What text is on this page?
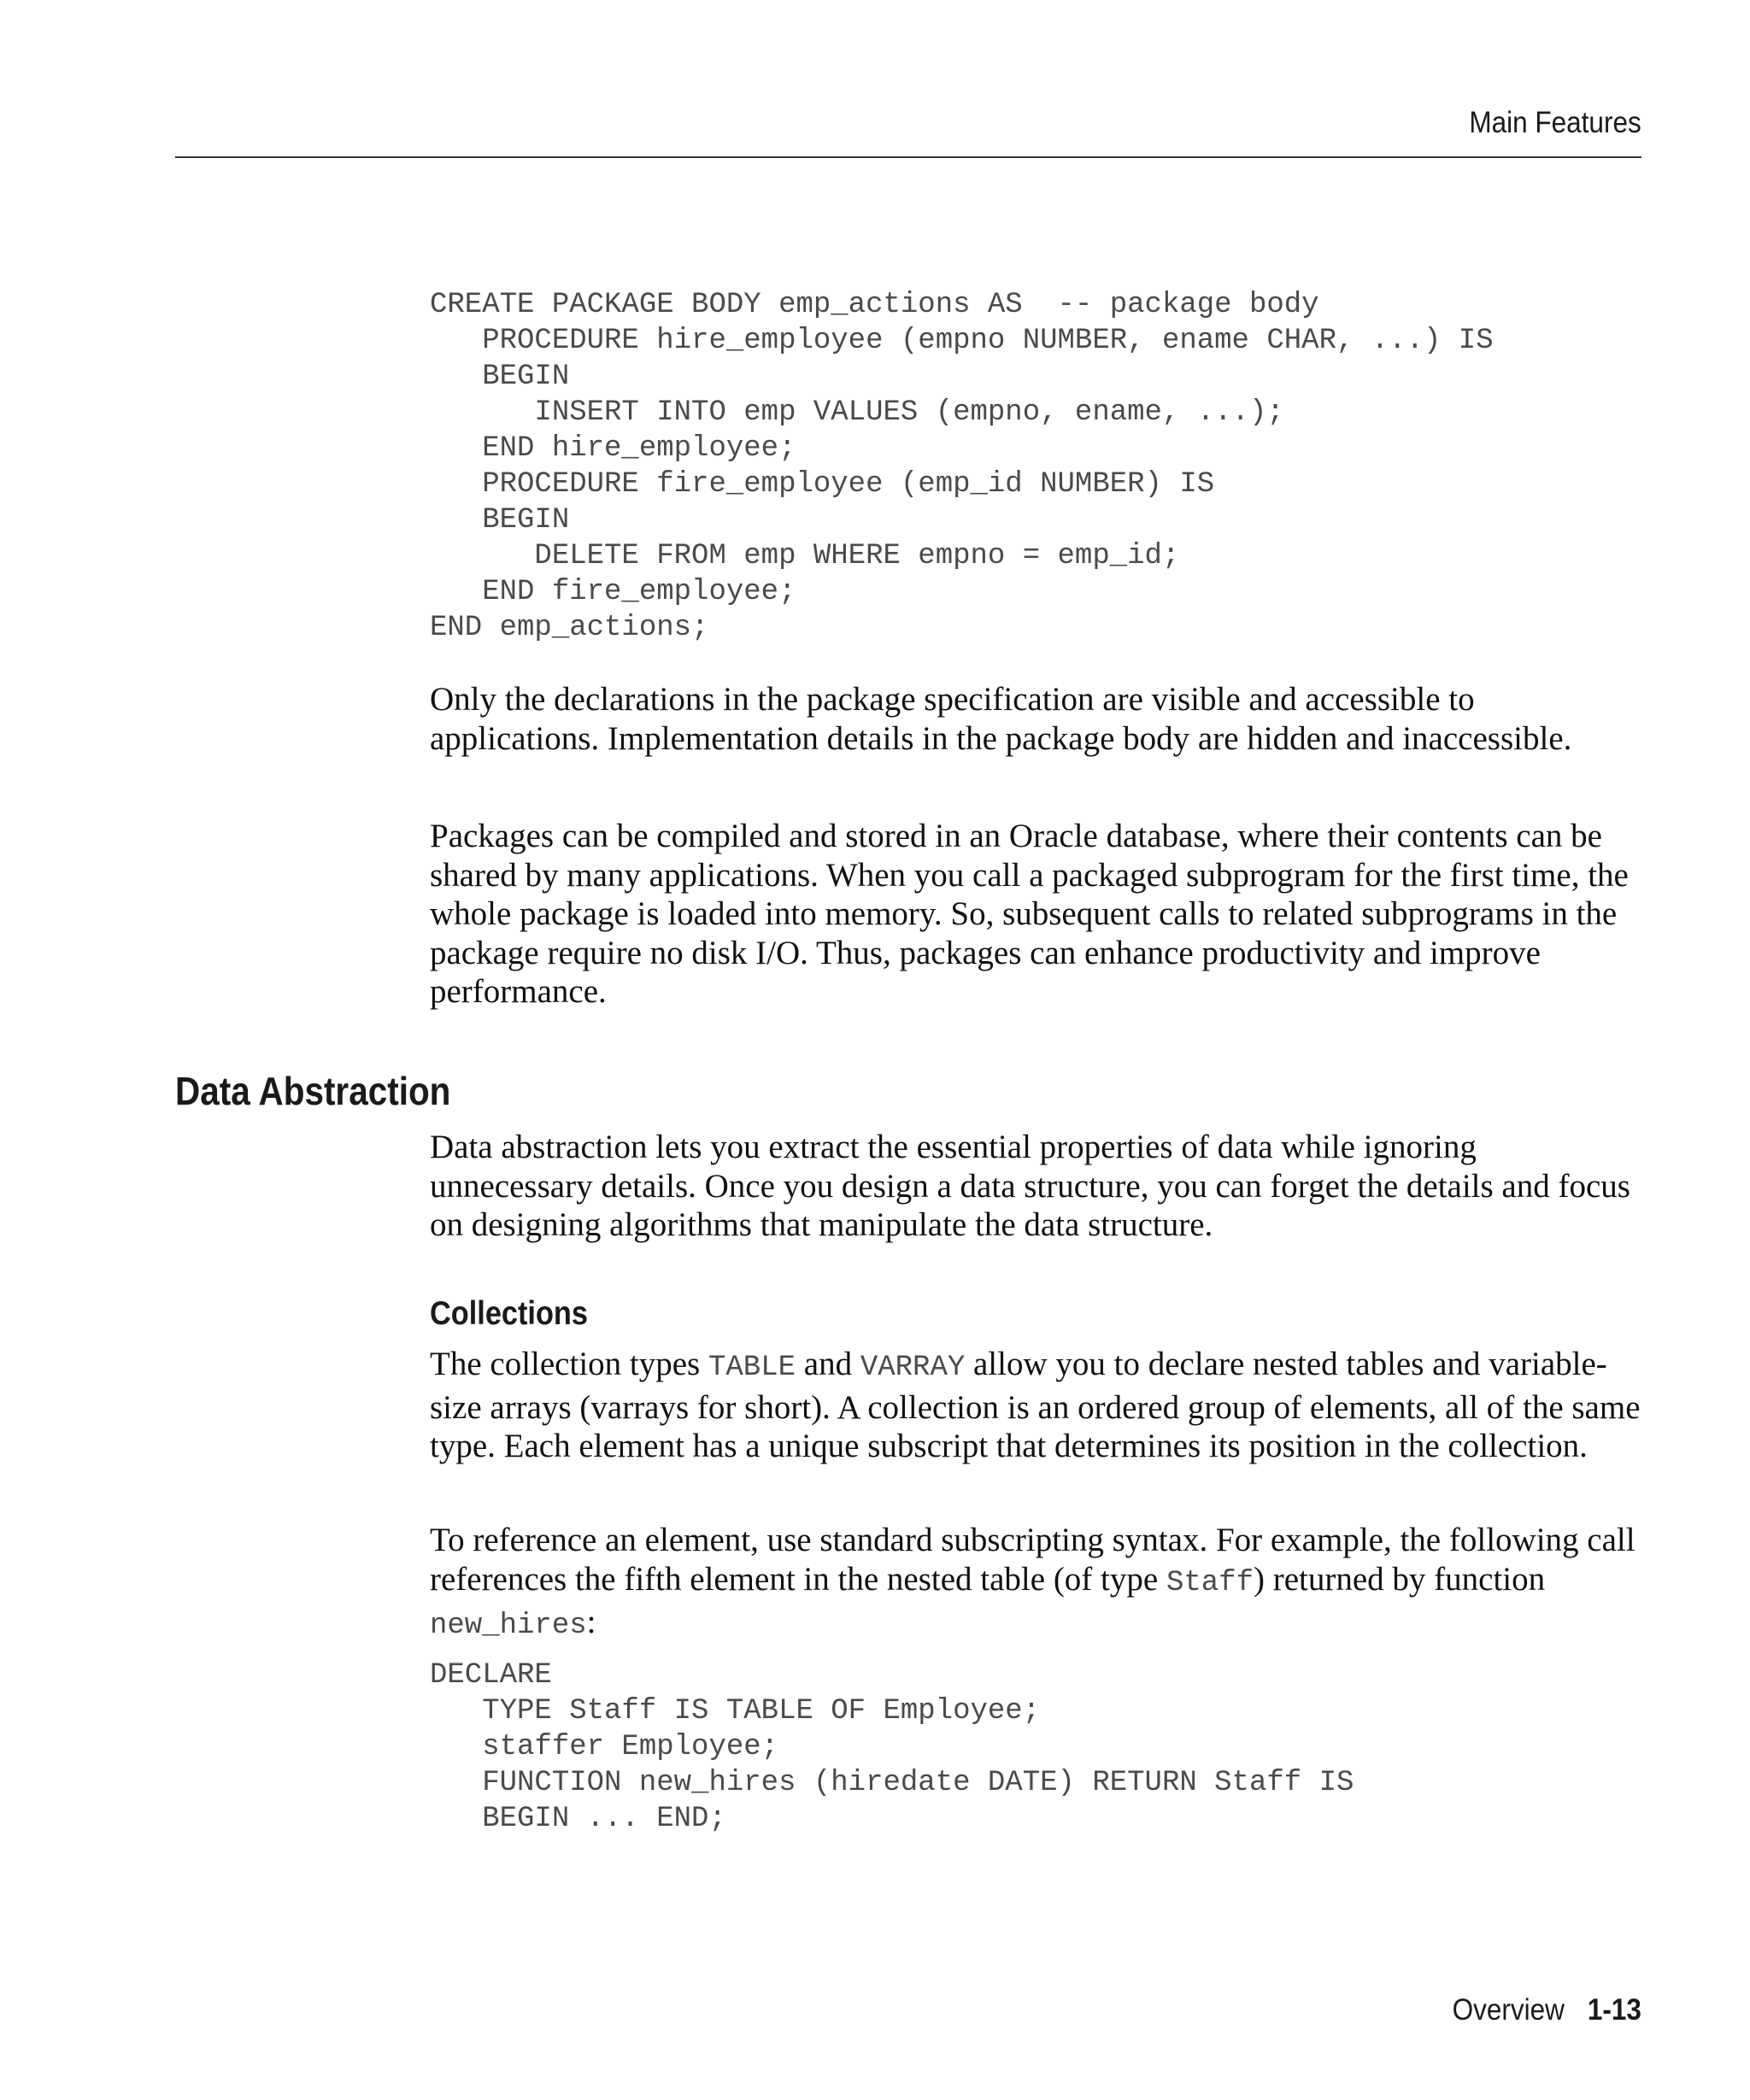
Main Features
CREATE PACKAGE BODY emp_actions AS  -- package body
PROCEDURE hire_employee (empno NUMBER, ename CHAR, ...) IS
BEGIN
INSERT INTO emp VALUES (empno, ename, ...);
END hire_employee;
PROCEDURE fire_employee (emp_id NUMBER) IS
BEGIN
DELETE FROM emp WHERE empno = emp_id;
END fire_employee;
END emp_actions;

Only the declarations in the package specification are visible and accessible to applications. Implementation details in the package body are hidden and inaccessible.

Packages can be compiled and stored in an Oracle database, where their contents can be shared by many applications. When you call a packaged subprogram for the first time, the whole package is loaded into memory. So, subsequent calls to related subprograms in the package require no disk I/O. Thus, packages can enhance productivity and improve performance.

Data Abstraction

Data abstraction lets you extract the essential properties of data while ignoring unnecessary details. Once you design a data structure, you can forget the details and focus on designing algorithms that manipulate the data structure.

Collections

The collection types TABLE and VARRAY allow you to declare nested tables and variable-size arrays (varrays for short). A collection is an ordered group of elements, all of the same type. Each element has a unique subscript that determines its position in the collection.

To reference an element, use standard subscripting syntax. For example, the following call references the fifth element in the nested table (of type Staff) returned by function new_hires:

DECLARE
TYPE Staff IS TABLE OF Employee;
staffer Employee;
FUNCTION new_hires (hiredate DATE) RETURN Staff IS
BEGIN ... END;
Overview 1-13
